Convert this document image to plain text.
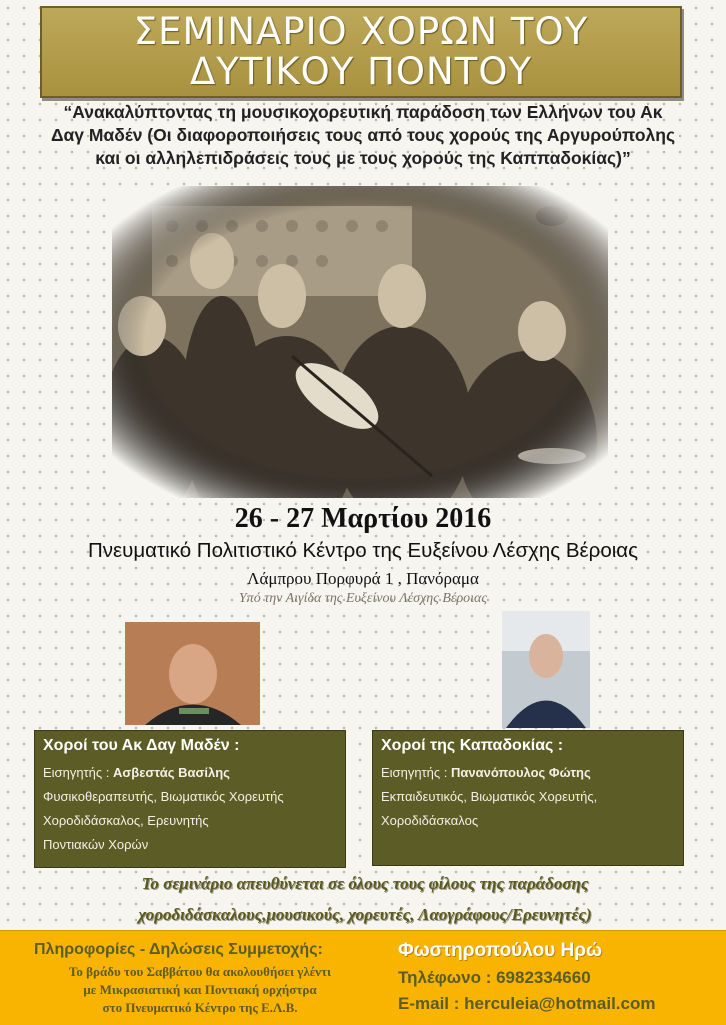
ΣΕΜΙΝΑΡΙΟ ΧΟΡΩΝ ΤΟΥ
ΔΥΤΙΚΟΥ ΠΟΝΤΟΥ
“Ανακαλύπτοντας τη μουσικοχορευτική παράδοση των Ελλήνων του Ακ
Δαγ Μαδέν (Οι διαφοροποιήσεις τους από τους χορούς της Αργυρούπολης
και οι αλληλεπιδράσεις τους με τους χορούς της Καππαδοκίας)”
26 - 27 Μαρτίου 2016
Πνευματικό Πολιτιστικό Κέντρο της Ευξείνου Λέσχης Βέροιας
Λάμπρου Πορφυρά 1 , Πανόραμα
Υπό την Αιγίδα της Ευξείνου Λέσχης Βέροιας
Χοροί του Ακ Δαγ Μαδέν :
Εισηγητής : Ασβεστάς Βασίλης
Φυσικοθεραπευτής, Βιωματικός Χορευτής
Χοροδιδάσκαλος, Ερευνητής
Ποντιακών Χορών
Χοροί της Καπαδοκίας :
Εισηγητής : Πανανόπουλος Φώτης
Εκπαιδευτικός, Βιωματικός Χορευτής,
Χοροδιδάσκαλος
Το σεμινάριο απευθύνεται σε όλους τους φίλους της παράδοσης
χοροδιδάσκαλους,μουσικούς, χορευτές, Λαογράφους/Ερευνητές)
Πληροφορίες - Δηλώσεις Συμμετοχής:
Το βράδυ του Σαββάτου θα ακολουθήσει γλέντι
με Μικρασιατική και Ποντιακή ορχήστρα
στο Πνευματικό Κέντρο της Ε.Λ.Β.
Φωστηροπούλου Ηρώ
Τηλέφωνο : 6982334660
E-mail : herculeia@hotmail.com
